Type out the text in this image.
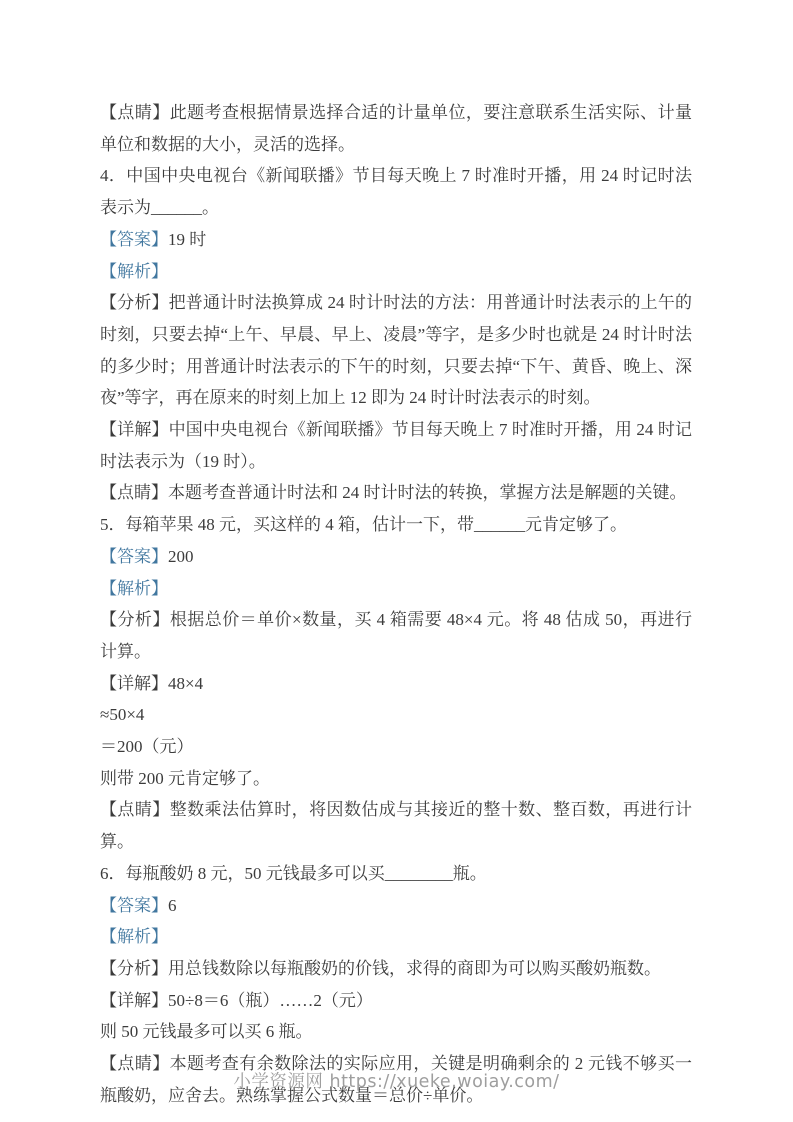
【点睛】此题考查根据情景选择合适的计量单位，要注意联系生活实际、计量单位和数据的大小，灵活的选择。

4．中国中央电视台《新闻联播》节目每天晚上 7 时准时开播，用 24 时记时法表示为______。

【答案】19 时

【解析】

【分析】把普通计时法换算成 24 时计时法的方法：用普通计时法表示的上午的时刻，只要去掉“上午、早晨、早上、凌晨”等字，是多少时也就是 24 时计时法的多少时；用普通计时法表示的下午的时刻，只要去掉“下午、黄昏、晚上、深夜”等字，再在原来的时刻上加上 12 即为 24 时计时法表示的时刻。

【详解】中国中央电视台《新闻联播》节目每天晚上 7 时准时开播，用 24 时记时法表示为（19 时）。

【点睛】本题考查普通计时法和 24 时计时法的转换，掌握方法是解题的关键。

5．每箱苹果 48 元，买这样的 4 箱，估计一下，带______元肯定够了。

【答案】200

【解析】

【分析】根据总价＝单价×数量，买 4 箱需要 48×4 元。将 48 估成 50，再进行计算。

【详解】48×4

≈50×4

＝200（元）

则带 200 元肯定够了。

【点睛】整数乘法估算时，将因数估成与其接近的整十数、整百数，再进行计算。

6．每瓶酸奶 8 元，50 元钱最多可以买________瓶。

【答案】6

【解析】

【分析】用总钱数除以每瓶酸奶的价钱，求得的商即为可以购买酸奶瓶数。

【详解】50÷8＝6（瓶）……2（元）

则 50 元钱最多可以买 6 瓶。

【点睛】本题考查有余数除法的实际应用，关键是明确剩余的 2 元钱不够买一瓶酸奶，应舍去。熟练掌握公式数量＝总价÷单价。

小学资源网 https://xueke.woiay.com/
